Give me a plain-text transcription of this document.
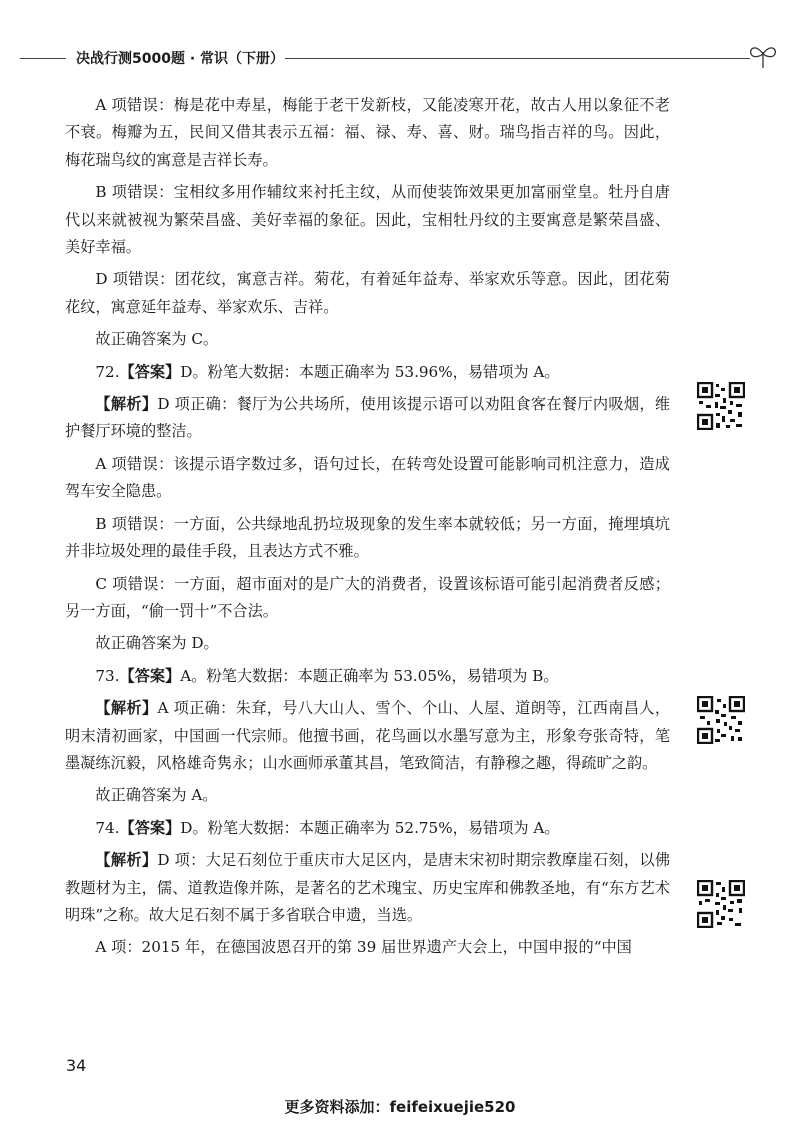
决战行测5000题 · 常识（下册）

A 项错误：梅是花中寿星，梅能于老干发新枝，又能凌寒开花，故古人用以象征不老不衰。梅瓣为五，民间又借其表示五福：福、禄、寿、喜、财。瑞鸟指吉祥的鸟。因此，梅花瑞鸟纹的寓意是吉祥长寿。

B 项错误：宝相纹多用作辅纹来衬托主纹，从而使装饰效果更加富丽堂皇。牡丹自唐代以来就被视为繁荣昌盛、美好幸福的象征。因此，宝相牡丹纹的主要寓意是繁荣昌盛、美好幸福。

D 项错误：团花纹，寓意吉祥。菊花，有着延年益寿、举家欢乐等意。因此，团花菊花纹，寓意延年益寿、举家欢乐、吉祥。

故正确答案为 C。

72.【答案】D。粉笔大数据：本题正确率为 53.96%，易错项为 A。

【解析】D 项正确：餐厅为公共场所，使用该提示语可以劝阻食客在餐厅内吸烟，维护餐厅环境的整洁。

A 项错误：该提示语字数过多，语句过长，在转弯处设置可能影响司机注意力，造成驾车安全隐患。

B 项错误：一方面，公共绿地乱扔垃圾现象的发生率本就较低；另一方面，掩埋填坑并非垃圾处理的最佳手段，且表达方式不雅。

C 项错误：一方面，超市面对的是广大的消费者，设置该标语可能引起消费者反感；另一方面，“偷一罚十”不合法。

故正确答案为 D。

73.【答案】A。粉笔大数据：本题正确率为 53.05%，易错项为 B。

【解析】A 项正确：朱耷，号八大山人、雪个、个山、人屋、道朗等，江西南昌人，明末清初画家，中国画一代宗师。他擅书画，花鸟画以水墨写意为主，形象夸张奇特，笔墨凝练沉毅，风格雄奇隽永；山水画师承董其昌，笔致简洁，有静穆之趣，得疏旷之韵。

故正确答案为 A。

74.【答案】D。粉笔大数据：本题正确率为 52.75%，易错项为 A。

【解析】D 项：大足石刻位于重庆市大足区内，是唐末宋初时期宗教摩崖石刻，以佛教题材为主，儒、道教造像并陈，是著名的艺术瑰宝、历史宝库和佛教圣地，有“东方艺术明珠”之称。故大足石刻不属于多省联合申遗，当选。

A 项：2015 年，在德国波恩召开的第 39 届世界遗产大会上，中国申报的“中国

34
更多资料添加：feifeixuejie520
